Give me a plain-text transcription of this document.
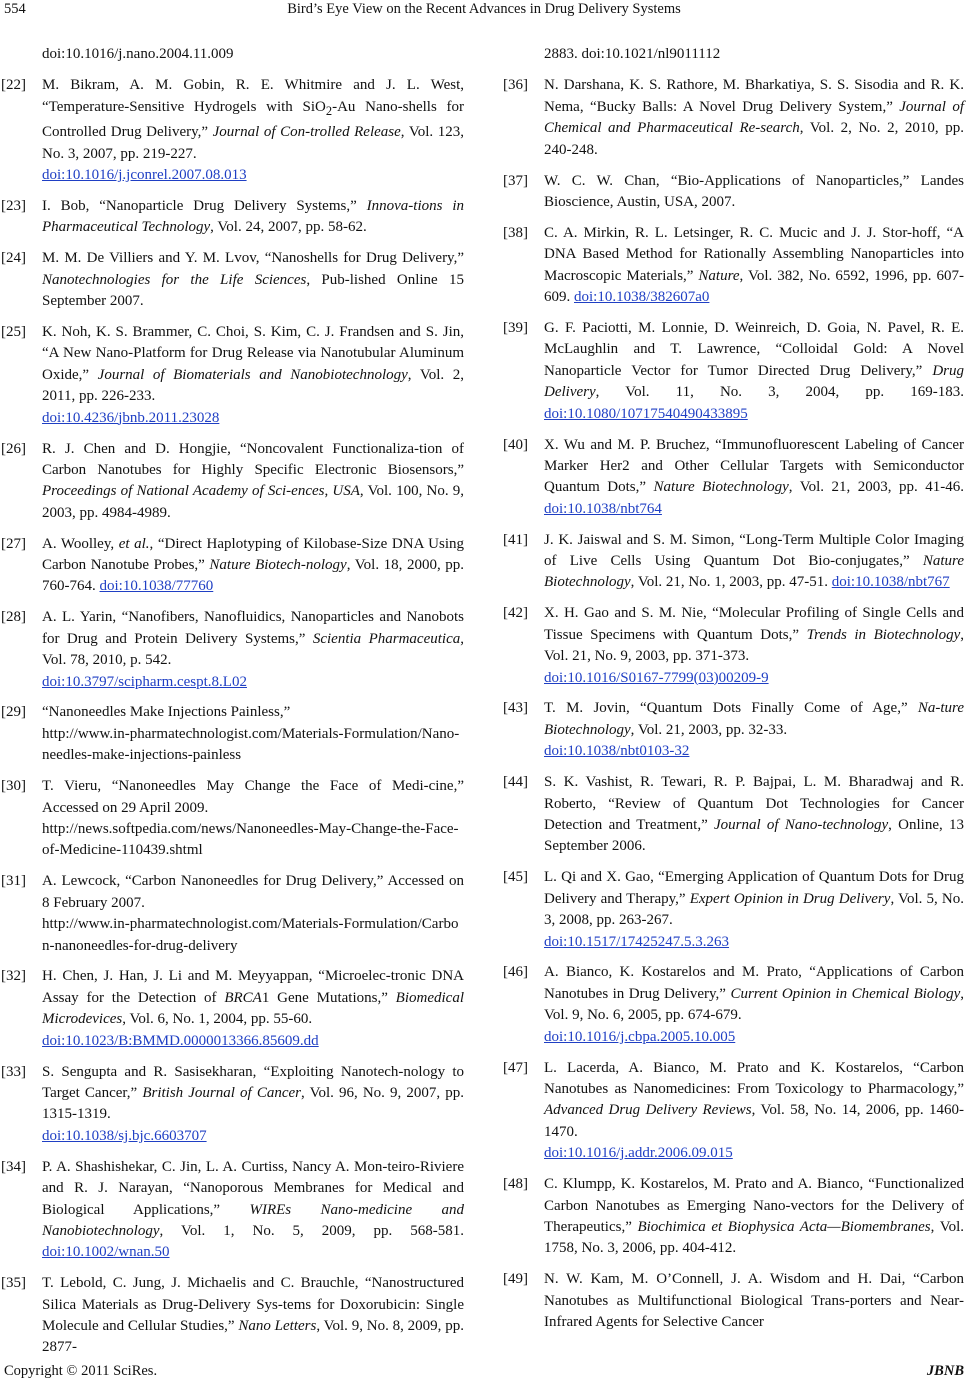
554	Bird’s Eye View on the Recent Advances in Drug Delivery Systems
doi:10.1016/j.nano.2004.11.009
[22] M. Bikram, A. M. Gobin, R. E. Whitmire and J. L. West, “Temperature-Sensitive Hydrogels with SiO$_2$-Au Nano-shells for Controlled Drug Delivery,” Journal of Con-trolled Release, Vol. 123, No. 3, 2007, pp. 219-227.
doi:10.1016/j.jconrel.2007.08.013

[23] I. Bob, “Nanoparticle Drug Delivery Systems,” Innova-tions in Pharmaceutical Technology, Vol. 24, 2007, pp. 58-62.

[24] M. M. De Villiers and Y. M. Lvov, “Nanoshells for Drug Delivery,” Nanotechnologies for the Life Sciences, Pub-lished Online 15 September 2007.

[25] K. Noh, K. S. Brammer, C. Choi, S. Kim, C. J. Frandsen and S. Jin, “A New Nano-Platform for Drug Release via Nanotubular Aluminum Oxide,” Journal of Biomaterials and Nanobiotechnology, Vol. 2, 2011, pp. 226-233.
doi:10.4236/jbnb.2011.23028

[26] R. J. Chen and D. Hongjie, “Noncovalent Functionaliza-tion of Carbon Nanotubes for Highly Specific Electronic Biosensors,” Proceedings of National Academy of Sci-ences, USA, Vol. 100, No. 9, 2003, pp. 4984-4989.

[27] A. Woolley, et al., “Direct Haplotyping of Kilobase-Size DNA Using Carbon Nanotube Probes,” Nature Biotech-nology, Vol. 18, 2000, pp. 760-764. doi:10.1038/77760

[28] A. L. Yarin, “Nanofibers, Nanofluidics, Nanoparticles and Nanobots for Drug and Protein Delivery Systems,” Scientia Pharmaceutica, Vol. 78, 2010, p. 542.
doi:10.3797/scipharm.cespt.8.L02

[29] “Nanoneedles Make Injections Painless,”
http://www.in-pharmatechnologist.com/Materials-Formulation/Nano-needles-make-injections-painless

[30] T. Vieru, “Nanoneedles May Change the Face of Medi-cine,” Accessed on 29 April 2009.
http://news.softpedia.com/news/Nanoneedles-May-Change-the-Face-of-Medicine-110439.shtml

[31] A. Lewcock, “Carbon Nanoneedles for Drug Delivery,” Accessed on 8 February 2007.
http://www.in-pharmatechnologist.com/Materials-Formulation/Carbon-nanoneedles-for-drug-delivery

[32] H. Chen, J. Han, J. Li and M. Meyyappan, “Microelec-tronic DNA Assay for the Detection of BRCA1 Gene Mutations,” Biomedical Microdevices, Vol. 6, No. 1, 2004, pp. 55-60.
doi:10.1023/B:BMMD.0000013366.85609.dd

[33] S. Sengupta and R. Sasisekharan, “Exploiting Nanotech-nology to Target Cancer,” British Journal of Cancer, Vol. 96, No. 9, 2007, pp. 1315-1319.
doi:10.1038/sj.bjc.6603707

[34] P. A. Shashishekar, C. Jin, L. A. Curtiss, Nancy A. Mon-teiro-Riviere and R. J. Narayan, “Nanoporous Membranes for Medical and Biological Applications,” WIREs Nano-medicine and Nanobiotechnology, Vol. 1, No. 5, 2009, pp. 568-581. doi:10.1002/wnan.50

[35] T. Lebold, C. Jung, J. Michaelis and C. Brauchle, “Nanostructured Silica Materials as Drug-Delivery Sys-tems for Doxorubicin: Single Molecule and Cellular Studies,” Nano Letters, Vol. 9, No. 8, 2009, pp. 2877-

2883. doi:10.1021/nl9011112
[36] N. Darshana, K. S. Rathore, M. Bharkatiya, S. S. Sisodia and R. K. Nema, “Bucky Balls: A Novel Drug Delivery System,” Journal of Chemical and Pharmaceutical Re-search, Vol. 2, No. 2, 2010, pp. 240-248.

[37] W. C. W. Chan, “Bio-Applications of Nanoparticles,” Landes Bioscience, Austin, USA, 2007.

[38] C. A. Mirkin, R. L. Letsinger, R. C. Mucic and J. J. Stor-hoff, “A DNA Based Method for Rationally Assembling Nanoparticles into Macroscopic Materials,” Nature, Vol. 382, No. 6592, 1996, pp. 607-609. doi:10.1038/382607a0

[39] G. F. Paciotti, M. Lonnie, D. Weinreich, D. Goia, N. Pavel, R. E. McLaughlin and T. Lawrence, “Colloidal Gold: A Novel Nanoparticle Vector for Tumor Directed Drug Delivery,” Drug Delivery, Vol. 11, No. 3, 2004, pp. 169-183. doi:10.1080/10717540490433895

[40] X. Wu and M. P. Bruchez, “Immunofluorescent Labeling of Cancer Marker Her2 and Other Cellular Targets with Semiconductor Quantum Dots,” Nature Biotechnology, Vol. 21, 2003, pp. 41-46. doi:10.1038/nbt764

[41] J. K. Jaiswal and S. M. Simon, “Long-Term Multiple Color Imaging of Live Cells Using Quantum Dot Bio-conjugates,” Nature Biotechnology, Vol. 21, No. 1, 2003, pp. 47-51. doi:10.1038/nbt767

[42] X. H. Gao and S. M. Nie, “Molecular Profiling of Single Cells and Tissue Specimens with Quantum Dots,” Trends in Biotechnology, Vol. 21, No. 9, 2003, pp. 371-373.
doi:10.1016/S0167-7799(03)00209-9

[43] T. M. Jovin, “Quantum Dots Finally Come of Age,” Na-ture Biotechnology, Vol. 21, 2003, pp. 32-33.
doi:10.1038/nbt0103-32

[44] S. K. Vashist, R. Tewari, R. P. Bajpai, L. M. Bharadwaj and R. Roberto, “Review of Quantum Dot Technologies for Cancer Detection and Treatment,” Journal of Nano-technology, Online, 13 September 2006.

[45] L. Qi and X. Gao, “Emerging Application of Quantum Dots for Drug Delivery and Therapy,” Expert Opinion in Drug Delivery, Vol. 5, No. 3, 2008, pp. 263-267.
doi:10.1517/17425247.5.3.263

[46] A. Bianco, K. Kostarelos and M. Prato, “Applications of Carbon Nanotubes in Drug Delivery,” Current Opinion in Chemical Biology, Vol. 9, No. 6, 2005, pp. 674-679.
doi:10.1016/j.cbpa.2005.10.005

[47] L. Lacerda, A. Bianco, M. Prato and K. Kostarelos, “Carbon Nanotubes as Nanomedicines: From Toxicology to Pharmacology,” Advanced Drug Delivery Reviews, Vol. 58, No. 14, 2006, pp. 1460-1470.
doi:10.1016/j.addr.2006.09.015

[48] C. Klumpp, K. Kostarelos, M. Prato and A. Bianco, “Functionalized Carbon Nanotubes as Emerging Nano-vectors for the Delivery of Therapeutics,” Biochimica et Biophysica Acta—Biomembranes, Vol. 1758, No. 3, 2006, pp. 404-412.

[49] N. W. Kam, M. O’Connell, J. A. Wisdom and H. Dai, “Carbon Nanotubes as Multifunctional Biological Trans-porters and Near-Infrared Agents for Selective Cancer

Copyright © 2011 SciRes.	JBNB
